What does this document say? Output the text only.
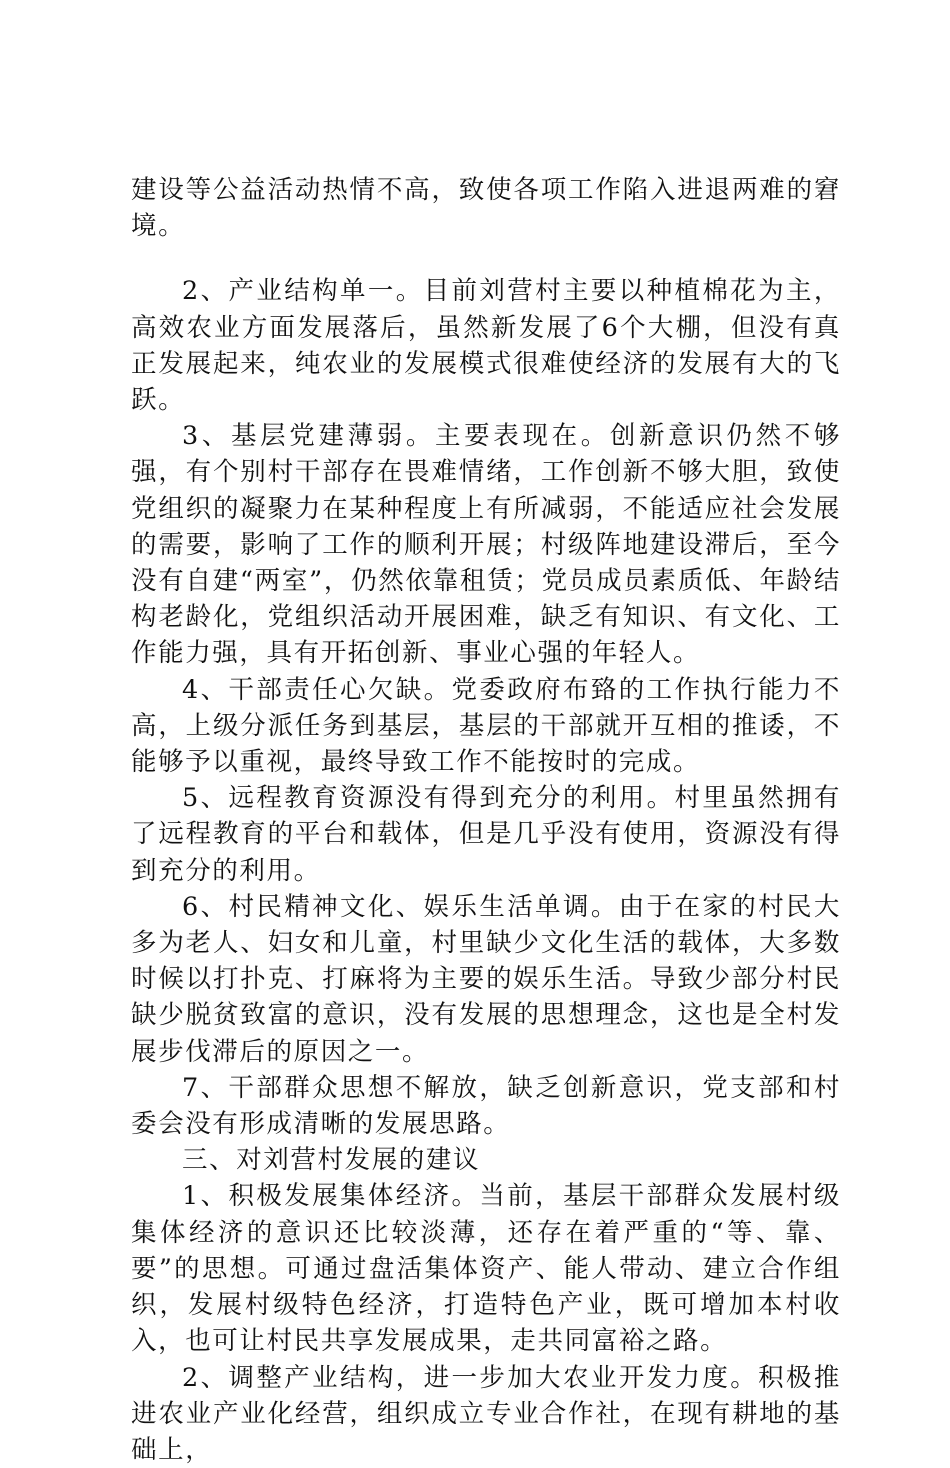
建设等公益活动热情不高，致使各项工作陷入进退两难的窘境。

2、产业结构单一。目前刘营村主要以种植棉花为主，高效农业方面发展落后，虽然新发展了6个大棚，但没有真正发展起来，纯农业的发展模式很难使经济的发展有大的飞跃。

3、基层党建薄弱。主要表现在。创新意识仍然不够强，有个别村干部存在畏难情绪，工作创新不够大胆，致使党组织的凝聚力在某种程度上有所减弱，不能适应社会发展的需要，影响了工作的顺利开展；村级阵地建设滞后，至今没有自建“两室”，仍然依靠租赁；党员成员素质低、年龄结构老龄化，党组织活动开展困难，缺乏有知识、有文化、工作能力强，具有开拓创新、事业心强的年轻人。

4、干部责任心欠缺。党委政府布臵的工作执行能力不高，上级分派任务到基层，基层的干部就开互相的推诿，不能够予以重视，最终导致工作不能按时的完成。

5、远程教育资源没有得到充分的利用。村里虽然拥有了远程教育的平台和载体，但是几乎没有使用，资源没有得到充分的利用。

6、村民精神文化、娱乐生活单调。由于在家的村民大多为老人、妇女和儿童，村里缺少文化生活的载体，大多数时候以打扑克、打麻将为主要的娱乐生活。导致少部分村民缺少脱贫致富的意识，没有发展的思想理念，这也是全村发展步伐滞后的原因之一。

7、干部群众思想不解放，缺乏创新意识，党支部和村委会没有形成清晰的发展思路。

三、对刘营村发展的建议

1、积极发展集体经济。当前，基层干部群众发展村级集体经济的意识还比较淡薄，还存在着严重的“等、靠、要”的思想。可通过盘活集体资产、能人带动、建立合作组织，发展村级特色经济，打造特色产业，既可增加本村收入，也可让村民共享发展成果，走共同富裕之路。

2、调整产业结构，进一步加大农业开发力度。积极推进农业产业化经营，组织成立专业合作社，在现有耕地的基础上，
